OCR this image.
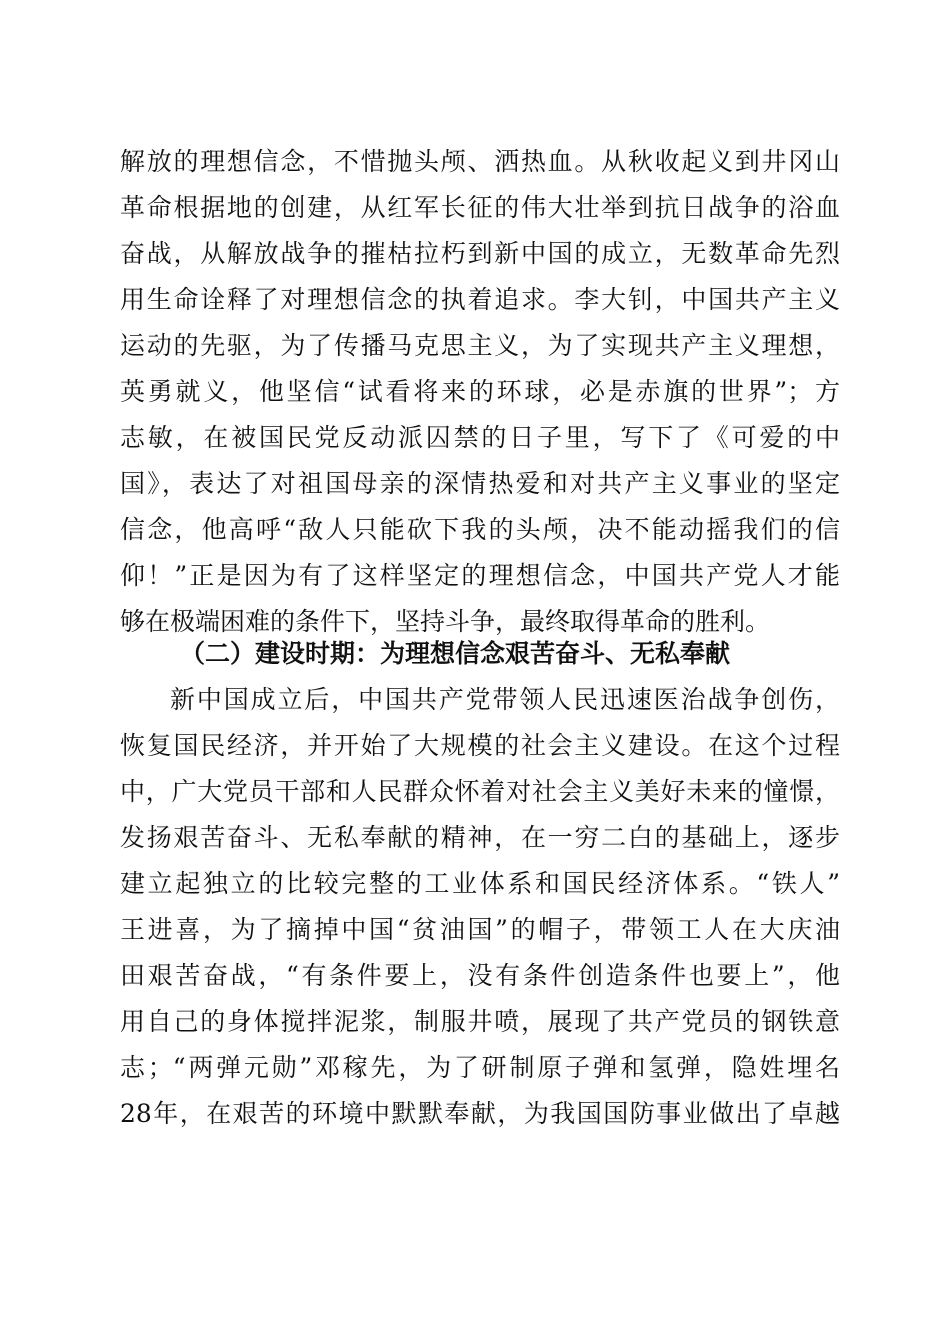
解放的理想信念，不惜抛头颅、洒热血。从秋收起义到井冈山
革命根据地的创建，从红军长征的伟大壮举到抗日战争的浴血
奋战，从解放战争的摧枯拉朽到新中国的成立，无数革命先烈
用生命诠释了对理想信念的执着追求。李大钊，中国共产主义
运动的先驱，为了传播马克思主义，为了实现共产主义理想，
英勇就义，他坚信“试看将来的环球，必是赤旗的世界”；方
志敏，在被国民党反动派囚禁的日子里，写下了《可爱的中
国》，表达了对祖国母亲的深情热爱和对共产主义事业的坚定
信念，他高呼“敌人只能砍下我的头颅，决不能动摇我们的信
仰！”正是因为有了这样坚定的理想信念，中国共产党人才能
够在极端困难的条件下，坚持斗争，最终取得革命的胜利。
（二）建设时期：为理想信念艰苦奋斗、无私奉献
新中国成立后，中国共产党带领人民迅速医治战争创伤，
恢复国民经济，并开始了大规模的社会主义建设。在这个过程
中，广大党员干部和人民群众怀着对社会主义美好未来的憧憬，
发扬艰苦奋斗、无私奉献的精神，在一穷二白的基础上，逐步
建立起独立的比较完整的工业体系和国民经济体系。“铁人”
王进喜，为了摘掉中国“贫油国”的帽子，带领工人在大庆油
田艰苦奋战，“有条件要上，没有条件创造条件也要上”，他
用自己的身体搅拌泥浆，制服井喷，展现了共产党员的钢铁意
志；“两弹元勋”邓稼先，为了研制原子弹和氢弹，隐姓埋名
28年，在艰苦的环境中默默奉献，为我国国防事业做出了卓越
